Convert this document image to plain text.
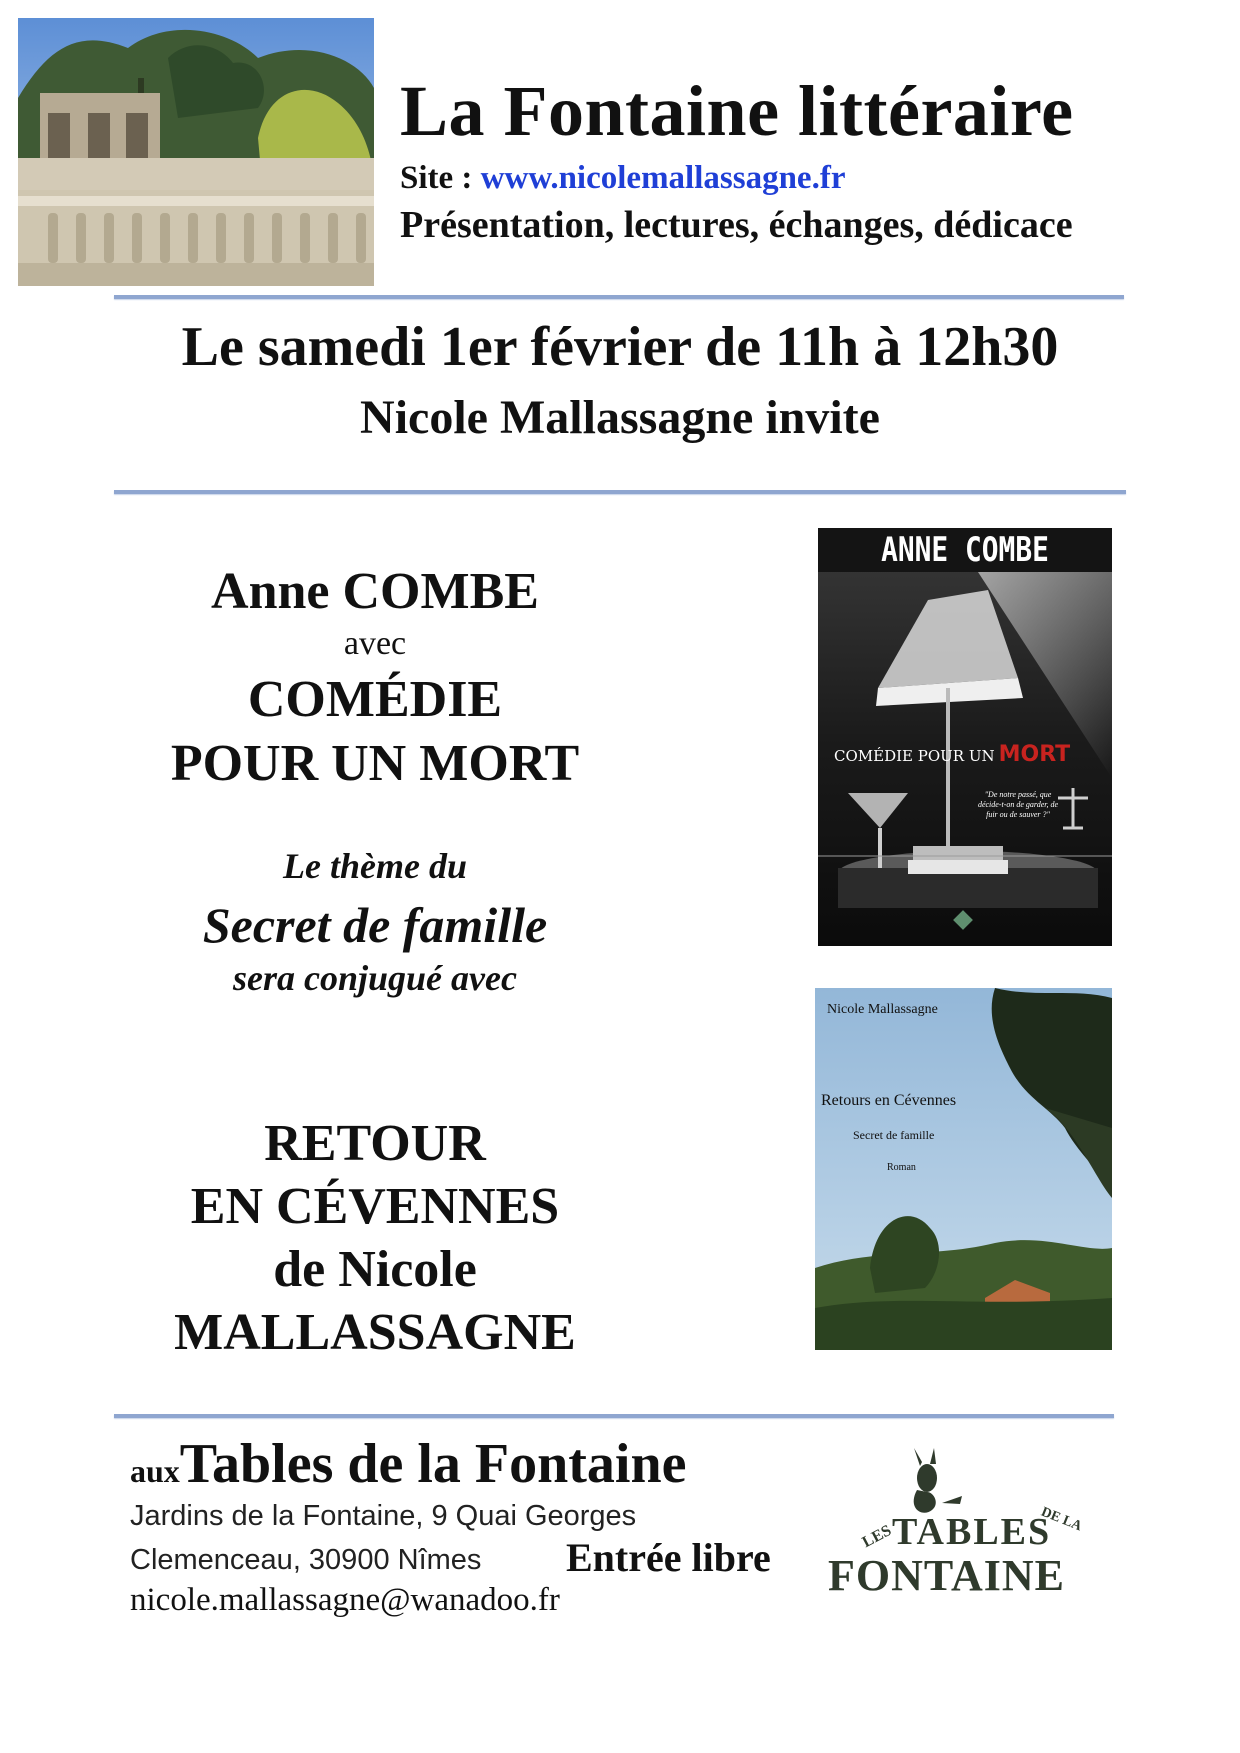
La Fontaine littéraire
Site : www.nicolemallassagne.fr
Présentation, lectures, échanges, dédicace
Le samedi 1er février de 11h à 12h30
Nicole Mallassagne invite
Anne COMBE
avec
COMÉDIE
POUR UN MORT
Le thème du
Secret de famille
sera conjugué avec
RETOUR
EN CÉVENNES
de Nicole
MALLASSAGNE
ANNE COMBE
COMÉDIE POUR UN MORT
"De notre passé, que
décide-t-on de garder, de
fuir ou de sauver ?"
Nicole Mallassagne
Retours en Cévennes
Secret de famille
Roman
auxTables de la Fontaine
Jardins de la Fontaine, 9 Quai Georges
Clemenceau, 30900 Nîmes
nicole.mallassagne@wanadoo.fr
Entrée libre	LES
TABLES
DE LA
FONTAINE
